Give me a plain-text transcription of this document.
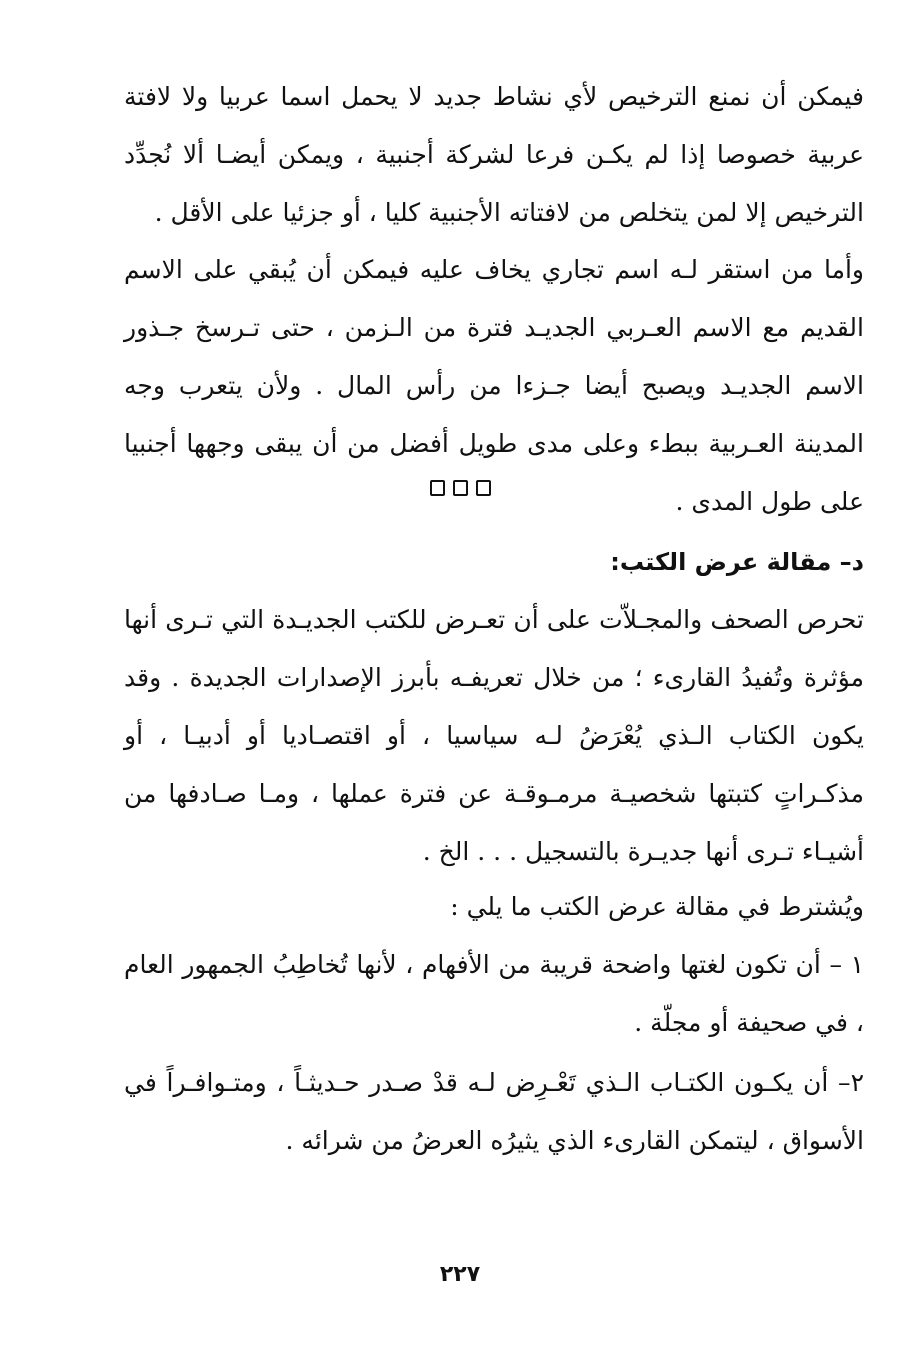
فيمكن أن نمنع الترخيص لأي نشاط جديد لا يحمل اسما عربيا ولا لافتة عربية خصوصا إذا لم يكـن فرعا لشركة أجنبية ، ويمكن أيضـا ألا نُجدِّد الترخيص إلا لمن يتخلص من لافتاته الأجنبية كليا ، أو جزئيا على الأقل .

وأما من استقر لـه اسم تجاري يخاف عليه فيمكن أن يُبقي على الاسم القديم مع الاسم العـربي الجديـد فترة من الـزمن ، حتى تـرسخ جـذور الاسم الجديـد ويصبح أيضا جـزءا من رأس المال . ولأن يتعرب وجه المدينة العـربية ببطء وعلى مدى طويل أفضل من أن يبقى وجهها أجنبيا على طول المدى .

د– مقالة عرض الكتب:

تحرص الصحف والمجـلاّت على أن تعـرض للكتب الجديـدة التي تـرى أنها مؤثرة وتُفيدُ القارىء ؛ من خلال تعريفـه بأبرز الإصدارات الجديدة . وقد يكون الكتاب الـذي يُعْرَضُ لـه سياسيا ، أو اقتصـاديا أو أدبيـا ، أو مذكـراتٍ كتبتها شخصيـة مرمـوقـة عن فترة عملها ، ومـا صـادفها من أشيـاء تـرى أنها جديـرة بالتسجيل . . . الخ .

ويُشترط في مقالة عرض الكتب ما يلي :

١ – أن تكون لغتها واضحة قريبة من الأفهام ، لأنها تُخاطِبُ الجمهور العام ، في صحيفة أو مجلّة .

٢– أن يكـون الكتـاب الـذي تَعْـرِض لـه قدْ صـدر حـديثـاً ، ومتـوافـراً في الأسواق ، ليتمكن القارىء الذي يثيرُه العرضُ من شرائه .

٢٢٧
